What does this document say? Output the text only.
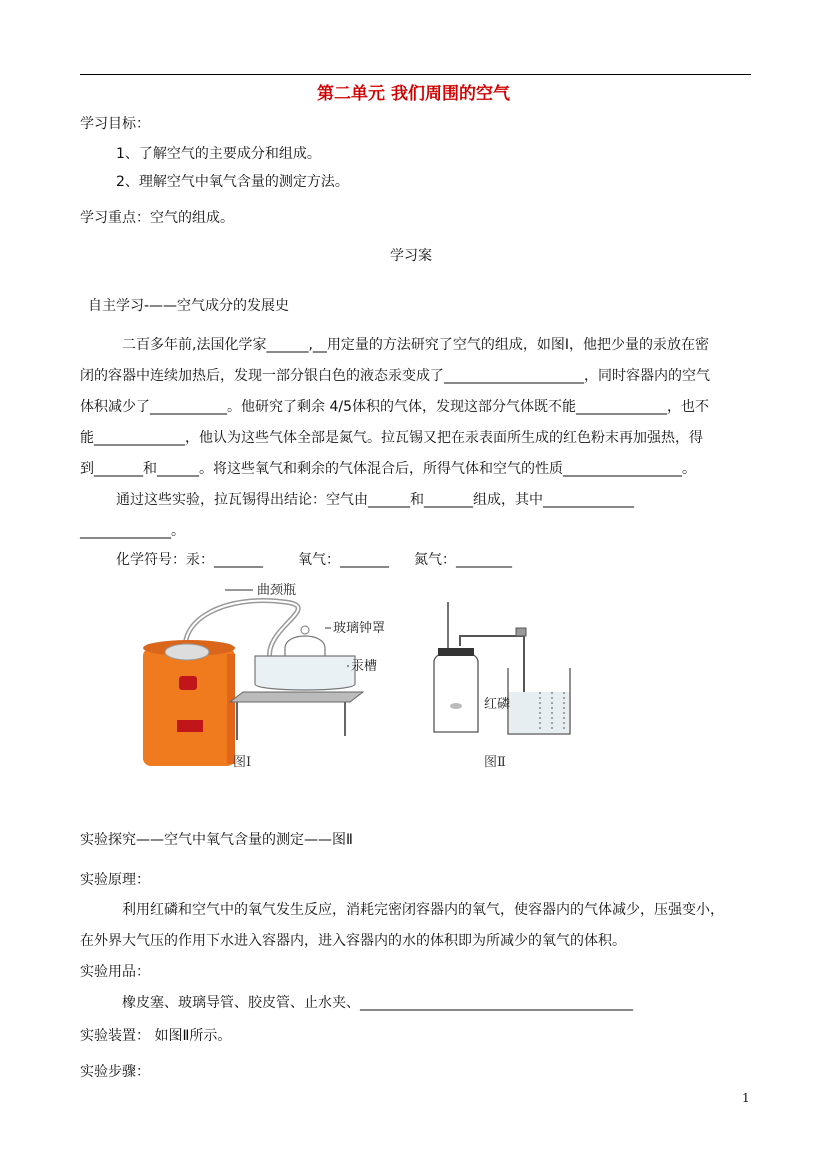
第二单元 我们周围的空气
学习目标：
1、了解空气的主要成分和组成。
2、理解空气中氧气含量的测定方法。
学习重点：空气的组成。
学习案
自主学习-——空气成分的发展史
二百多年前,法国化学家______,__用定量的方法研究了空气的组成，如图Ⅰ，他把少量的汞放在密
闭的容器中连续加热后，发现一部分银白色的液态汞变成了____________________，同时容器内的空气
体积减少了___________。他研究了剩余 4/5体积的气体，发现这部分气体既不能_____________，也不
能_____________，他认为这些气体全部是氮气。拉瓦锡又把在汞表面所生成的红色粉末再加强热，得
到_______和______。将这些氧气和剩余的气体混合后，所得气体和空气的性质_________________。
通过这些实验，拉瓦锡得出结论：空气由______和_______组成，其中_____________
_____________。
化学符号：汞：_______	氧气：_______ 氮气：________
曲颈瓶
玻璃钟罩
汞槽
图Ⅰ
红磷
图Ⅱ
实验探究——空气中氧气含量的测定——图Ⅱ
实验原理：
利用红磷和空气中的氧气发生反应，消耗完密闭容器内的氧气，使容器内的气体减少，压强变小，
在外界大气压的作用下水进入容器内，进入容器内的水的体积即为所减少的氧气的体积。
实验用品：
橡皮塞、玻璃导管、胶皮管、止水夹、_______________________________________
实验装置： 如图Ⅱ所示。
实验步骤：
1
